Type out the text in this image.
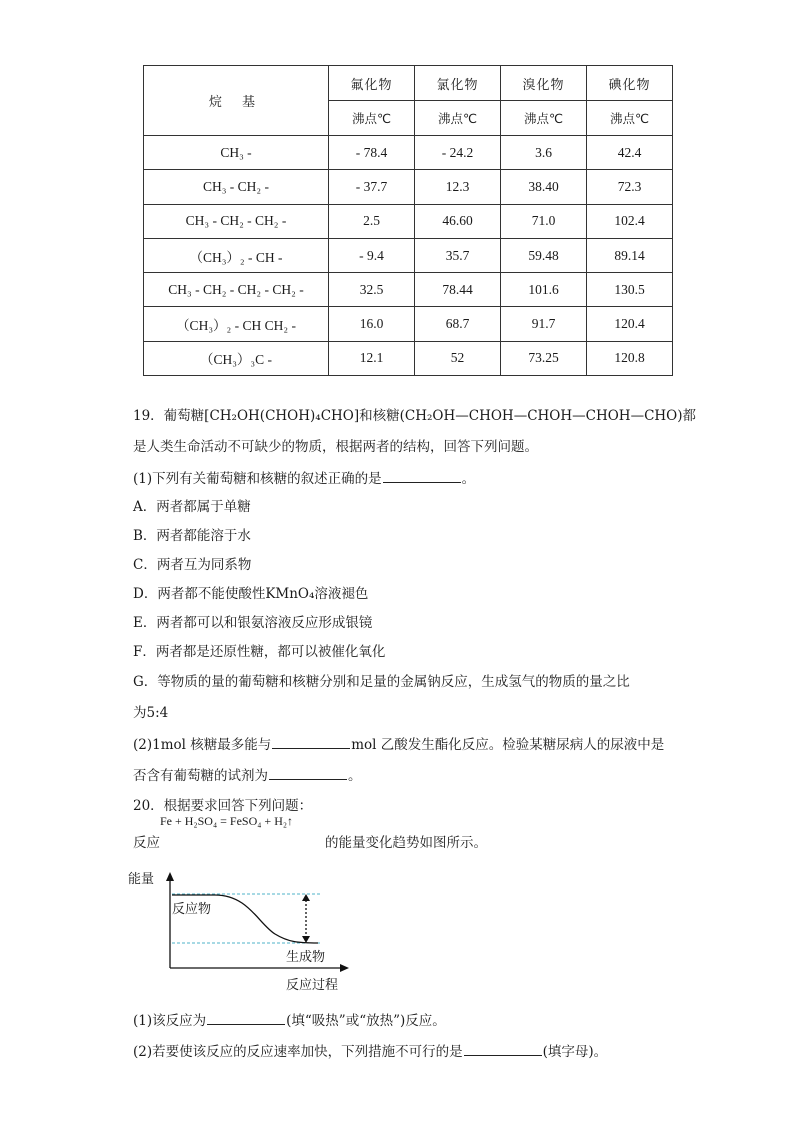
烷 基	氟化物	氯化物	溴化物	碘化物
	沸点℃	沸点℃	沸点℃	沸点℃
CH₃ -	- 78.4	- 24.2	3.6	42.4
CH₃ - CH₂ -	- 37.7	12.3	38.40	72.3
CH₃ - CH₂ - CH₂ -	2.5	46.60	71.0	102.4
（CH₃）₂ - CH -	- 9.4	35.7	59.48	89.14
CH₃ - CH₂ - CH₂ - CH₂ -	32.5	78.44	101.6	130.5
（CH₃）₂ - CH CH₂ -	16.0	68.7	91.7	120.4
（CH₃）₃C -	12.1	52	73.25	120.8
19．葡萄糖[CH₂OH(CHOH)₄CHO]和核糖(CH₂OH—CHOH—CHOH—CHOH—CHO)都
是人类生命活动不可缺少的物质，根据两者的结构，回答下列问题。
(1)下列有关葡萄糖和核糖的叙述正确的是	。
A．两者都属于单糖
B．两者都能溶于水
C．两者互为同系物
D．两者都不能使酸性KMnO₄溶液褪色
E．两者都可以和银氨溶液反应形成银镜
F．两者都是还原性糖，都可以被催化氧化
G．等物质的量的葡萄糖和核糖分别和足量的金属钠反应，生成氢气的物质的量之比
为5:4
(2)1mol 核糖最多能与	mol 乙酸发生酯化反应。检验某糖尿病人的尿液中是
否含有葡萄糖的试剂为	。
20．根据要求回答下列问题：
反应	的能量变化趋势如图所示。
Fe + H₂SO₄ = FeSO₄ + H₂↑
能量
反应物
生成物
反应过程
(1)该反应为	(填“吸热”或“放热”)反应。
(2)若要使该反应的反应速率加快，下列措施不可行的是	(填字母)。
